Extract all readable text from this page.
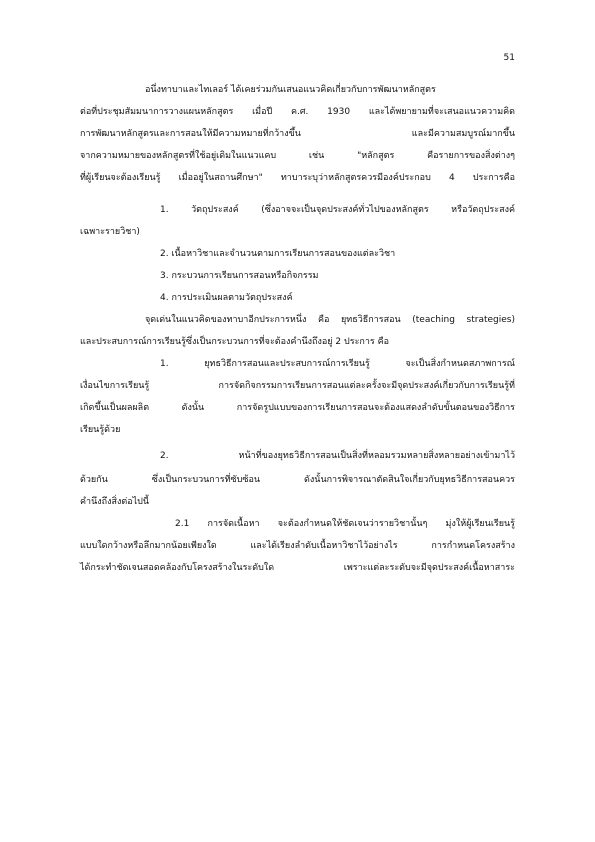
51
อนึ่งทาบาและไทเลอร์ ได้เคยร่วมกันเสนอแนวคิดเกี่ยวกับการพัฒนาหลักสูตร
ต่อที่ประชุมสัมมนาการวางแผนหลักสูตร เมื่อปี ค.ศ. 1930 และได้พยายามที่จะเสนอแนวความคิด
การพัฒนาหลักสูตรและการสอนให้มีความหมายที่กว้างขึ้น และมีความสมบูรณ์มากขึ้น
จากความหมายของหลักสูตรที่ใช้อยู่เดิมในแนวแคบ เช่น "หลักสูตร คือรายการของสิ่งต่างๆ
ที่ผู้เรียนจะต้องเรียนรู้ เมื่ออยู่ในสถานศึกษา" ทาบาระบุว่าหลักสูตรควรมีองค์ประกอบ 4 ประการคือ
1. วัตถุประสงค์ (ซึ่งอาจจะเป็นจุดประสงค์ทั่วไปของหลักสูตร หรือวัตถุประสงค์
เฉพาะรายวิชา)
2. เนื้อหาวิชาและจำนวนตามการเรียนการสอนของแต่ละวิชา
3. กระบวนการเรียนการสอนหรือกิจกรรม
4. การประเมินผลตามวัตถุประสงค์
จุดเด่นในแนวคิดของทาบาอีกประการหนึ่ง คือ ยุทธวิธีการสอน (teaching strategies)
และประสบการณ์การเรียนรู้ซึ่งเป็นกระบวนการที่จะต้องคำนึงถึงอยู่ 2 ประการ คือ
1. ยุทธวิธีการสอนและประสบการณ์การเรียนรู้ จะเป็นสิ่งกำหนดสภาพการณ์
เงื่อนไขการเรียนรู้ การจัดกิจกรรมการเรียนการสอนแต่ละครั้งจะมีจุดประสงค์เกี่ยวกับการเรียนรู้ที่
เกิดขึ้นเป็นผลผลิต ดังนั้น การจัดรูปแบบของการเรียนการสอนจะต้องแสดงลำดับขั้นตอนของวิธีการ
เรียนรู้ด้วย
2. หน้าที่ของยุทธวิธีการสอนเป็นสิ่งที่หลอมรวมหลายสิ่งหลายอย่างเข้ามาไว้
ด้วยกัน ซึ่งเป็นกระบวนการที่ซับซ้อน ดังนั้นการพิจารณาตัดสินใจเกี่ยวกับยุทธวิธีการสอนควร
คำนึงถึงสิ่งต่อไปนี้
2.1 การจัดเนื้อหา จะต้องกำหนดให้ชัดเจนว่ารายวิชานั้นๆ มุ่งให้ผู้เรียนเรียนรู้
แบบใดกว้างหรือลึกมากน้อยเพียงใด และได้เรียงลำดับเนื้อหาวิชาไว้อย่างไร การกำหนดโครงสร้าง
ได้กระทำชัดเจนสอดคล้องกับโครงสร้างในระดับใด เพราะแต่ละระดับจะมีจุดประสงค์เนื้อหาสาระ
